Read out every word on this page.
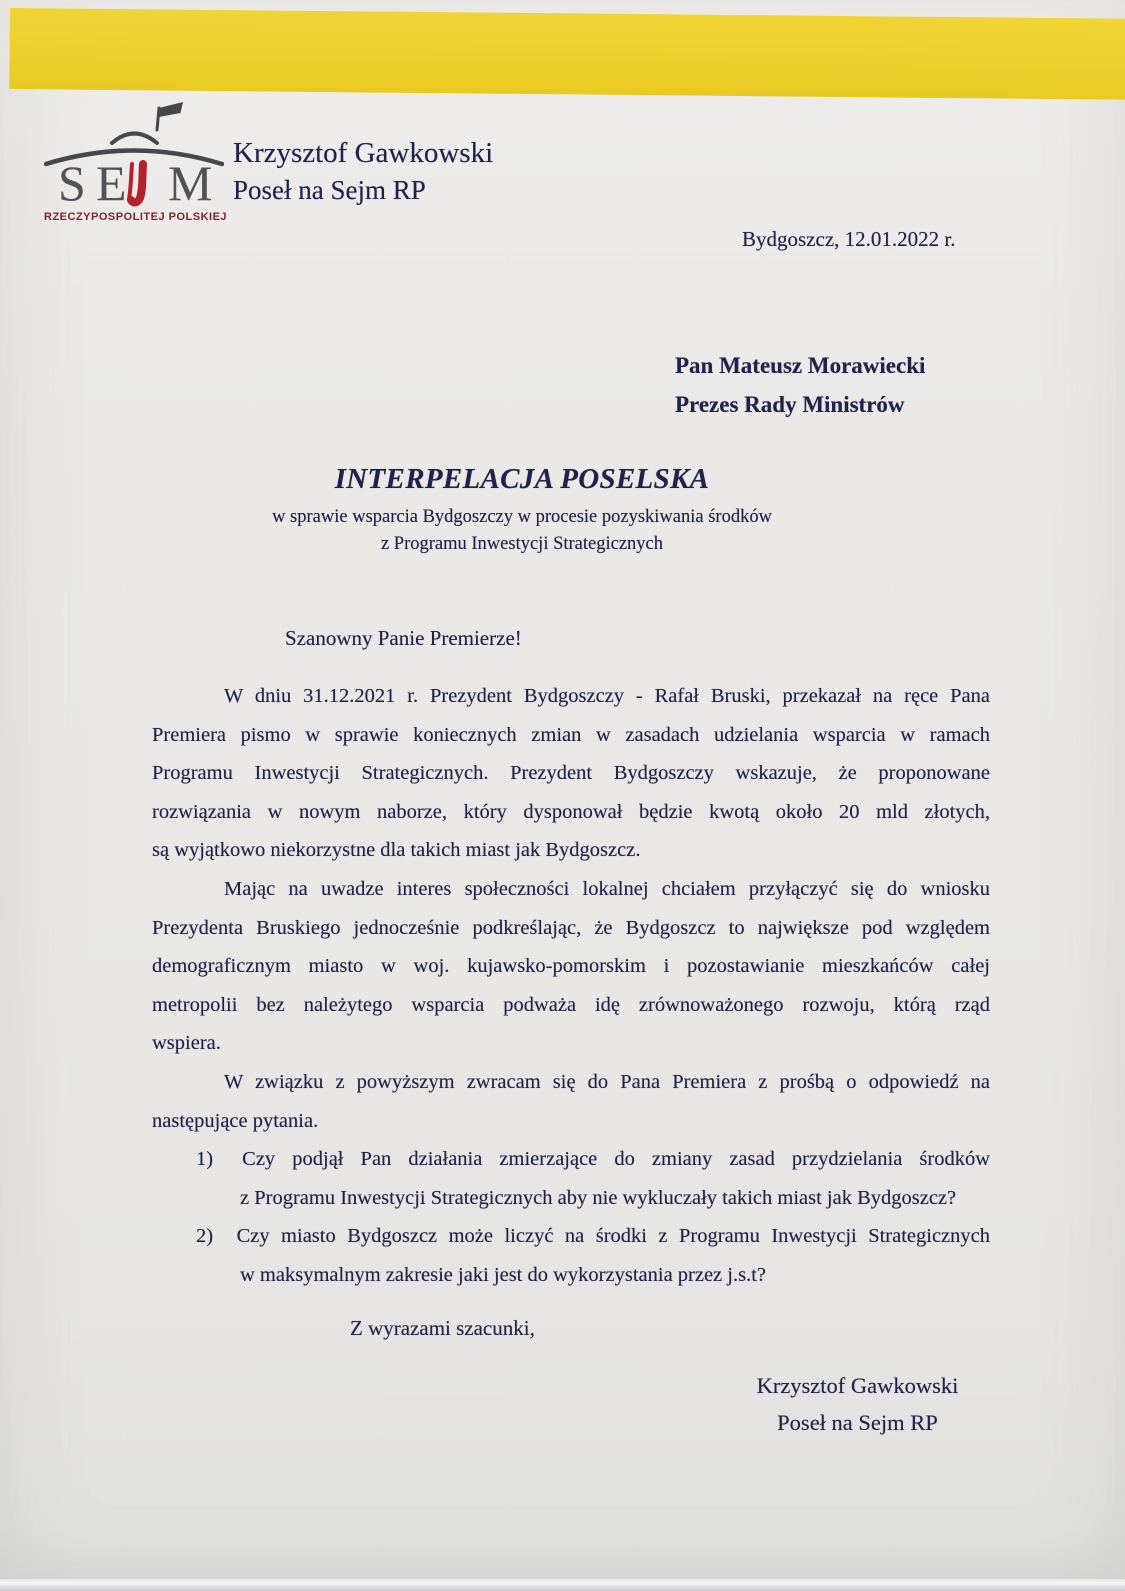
S E M
RZECZYPOSPOLITEJ POLSKIEJ
Krzysztof Gawkowski
Poseł na Sejm RP
Bydgoszcz, 12.01.2022 r.
Pan Mateusz Morawiecki
Prezes Rady Ministrów
INTERPELACJA POSELSKA
w sprawie wsparcia Bydgoszczy w procesie pozyskiwania środków
z Programu Inwestycji Strategicznych
Szanowny Panie Premierze!
W dniu 31.12.2021 r. Prezydent Bydgoszczy - Rafał Bruski, przekazał na ręce Pana
Premiera pismo w sprawie koniecznych zmian w zasadach udzielania wsparcia w ramach
Programu Inwestycji Strategicznych. Prezydent Bydgoszczy wskazuje, że proponowane
rozwiązania w nowym naborze, który dysponował będzie kwotą około 20 mld złotych,
są wyjątkowo niekorzystne dla takich miast jak Bydgoszcz.
Mając na uwadze interes społeczności lokalnej chciałem przyłączyć się do wniosku
Prezydenta Bruskiego jednocześnie podkreślając, że Bydgoszcz to największe pod względem
demograficznym miasto w woj. kujawsko-pomorskim i pozostawianie mieszkańców całej
metropolii bez należytego wsparcia podważa idę zrównoważonego rozwoju, którą rząd
wspiera.
W związku z powyższym zwracam się do Pana Premiera z prośbą o odpowiedź na
następujące pytania.
1) Czy podjął Pan działania zmierzające do zmiany zasad przydzielania środków
z Programu Inwestycji Strategicznych aby nie wykluczały takich miast jak Bydgoszcz?
2) Czy miasto Bydgoszcz może liczyć na środki z Programu Inwestycji Strategicznych
w maksymalnym zakresie jaki jest do wykorzystania przez j.s.t?
Z wyrazami szacunki,
Krzysztof Gawkowski
Poseł na Sejm RP
